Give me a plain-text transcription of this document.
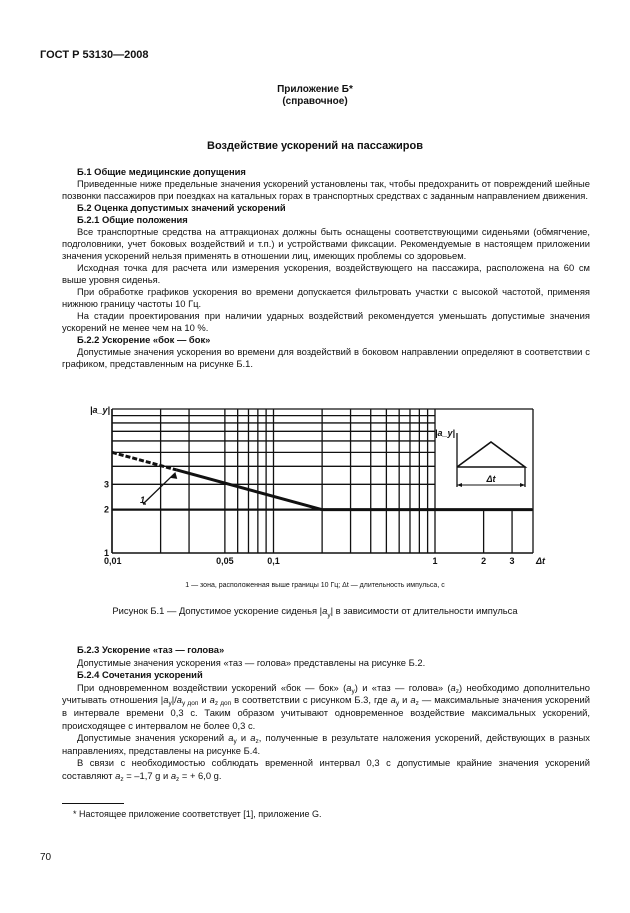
ГОСТ Р 53130—2008
Приложение Б*
(справочное)
Воздействие ускорений на пассажиров

Б.1 Общие медицинские допущения

Приведенные ниже предельные значения ускорений установлены так, чтобы предохранить от повреждений шейные позвонки пассажиров при поездках на катальных горах в транспортных средствах с заданным направлением движения.

Б.2 Оценка допустимых значений ускорений

Б.2.1 Общие положения

Все транспортные средства на аттракционах должны быть оснащены соответствующими сиденьями (обмягчение, подголовники, учет боковых воздействий и т.п.) и устройствами фиксации. Рекомендуемые в настоящем приложении значения ускорений нельзя применять в отношении лиц, имеющих проблемы со здоровьем.

Исходная точка для расчета или измерения ускорения, воздействующего на пассажира, расположена на 60 см выше уровня сиденья.

При обработке графиков ускорения во времени допускается фильтровать участки с высокой частотой, применяя нижнюю границу частоты 10 Гц.

На стадии проектирования при наличии ударных воздействий рекомендуется уменьшать допустимые значения ускорений не менее чем на 10 %.

Б.2.2 Ускорение «бок — бок»

Допустимые значения ускорения во времени для воздействий в боковом направлении определяют в соответствии с графиком, представленным на рисунке Б.1.

0,01	0,05	0,1	1	2	3
1
2
3
|a_y|
Δt
1
|a_y|
Δt
1 — зона, расположенная выше границы 10 Гц; Δt — длительность импульса, с
Рисунок Б.1 — Допустимое ускорение сиденья $|a_y|$ в зависимости от длительности импульса

Б.2.3 Ускорение «таз — голова»

Допустимые значения ускорения «таз — голова» представлены на рисунке Б.2.

Б.2.4 Сочетания ускорений

При одновременном воздействии ускорений «бок — бок» $(a_y)$ и «таз — голова» $(a_z)$ необходимо дополнительно учитывать отношения $|a_y|/a_{y доп}$ и $a_{z доп}$ в соответствии с рисунком Б.3, где $a_y$ и $a_z$ — максимальные значения ускорений в интервале времени 0,3 с. Таким образом учитывают одновременное воздействие максимальных ускорений, происходящее с интервалом не более 0,3 с.

Допустимые значения ускорений $a_y$ и $a_z$, полученные в результате наложения ускорений, действующих в разных направлениях, представлены на рисунке Б.4.

В связи с необходимостью соблюдать временной интервал 0,3 с допустимые крайние значения ускорений составляют $a_z = -1,7$ g и $a_z$ = + 6,0 g.

* Настоящее приложение соответствует [1], приложение G.
70
